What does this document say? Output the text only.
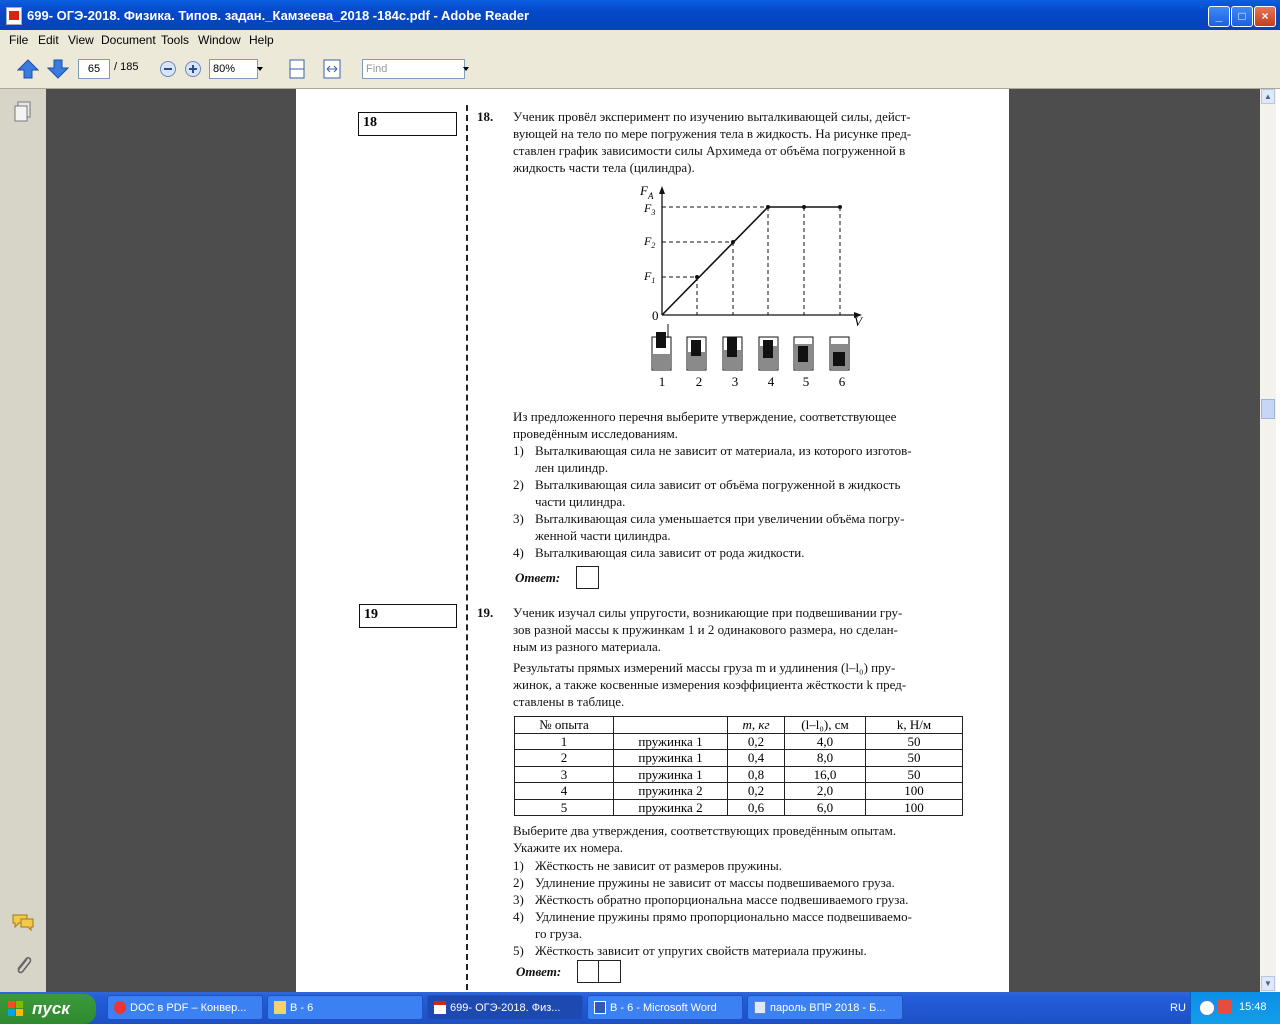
699- ОГЭ-2018. Физика. Типов. задан._Камзеева_2018 -184с.pdf - Adobe Reader	_	□	×
File Edit View Document Tools Window Help
65	/ 185	80%	Find
18	18. Ученик провёл эксперимент по изучению выталкивающей силы, дейст-
вующей на тело по мере погружения тела в жидкость. На рисунке пред-
ставлен график зависимости силы Архимеда от объёма погруженной в
жидкость части тела (цилиндра).
$F_A$
V
0
$F_1$
$F_2$
$F_3$
1 2 3 4 5 6
Из предложенного перечня выберите утверждение, соответствующее
проведённым исследованиям.
1) Выталкивающая сила не зависит от материала, из которого изготов-
лен цилиндр.
2) Выталкивающая сила зависит от объёма погруженной в жидкость
части цилиндра.
3) Выталкивающая сила уменьшается при увеличении объёма погру-
женной части цилиндра.
4) Выталкивающая сила зависит от рода жидкости.
Ответ:
19	19. Ученик изучал силы упругости, возникающие при подвешивании гру-
зов разной массы к пружинкам 1 и 2 одинакового размера, но сделан-
ным из разного материала.
Результаты прямых измерений массы груза m и удлинения (l–l₀) пру-
жинок, а также косвенные измерения коэффициента жёсткости k пред-
ставлены в таблице.
№ опыта		m, кг	(l–l₀), см	k, Н/м
1	пружинка 1	0,2	4,0	50
2	пружинка 1	0,4	8,0	50
3	пружинка 1	0,8	16,0	50
4	пружинка 2	0,2	2,0	100
5	пружинка 2	0,6	6,0	100
Выберите два утверждения, соответствующих проведённым опытам.
Укажите их номера.
1) Жёсткость не зависит от размеров пружины.
2) Удлинение пружины не зависит от массы подвешиваемого груза.
3) Жёсткость обратно пропорциональна массе подвешиваемого груза.
4) Удлинение пружины прямо пропорционально массе подвешиваемо-
го груза.
5) Жёсткость зависит от упругих свойств материала пружины.
Ответ:
▲
▼
пуск	DOC в PDF – Конвер...	В - 6	699- ОГЭ-2018. Физ...	В - 6 - Microsoft Word	пароль ВПР 2018 - Б...	RU	15:48
